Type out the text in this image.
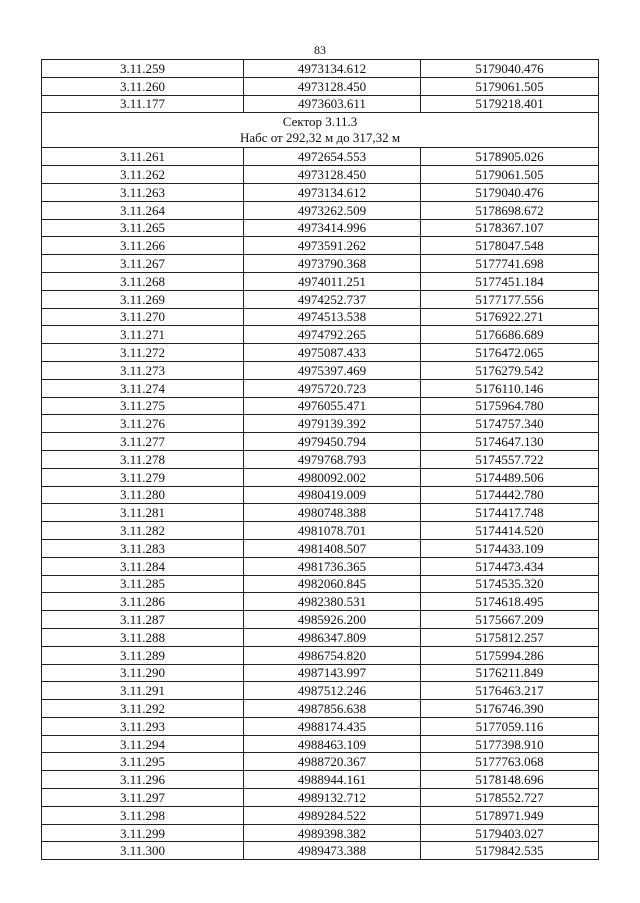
83
3.11.259	4973134.612	5179040.476
3.11.260	4973128.450	5179061.505
3.11.177	4973603.611	5179218.401

Сектор 3.11.3
Набс от 292,32 м до 317,32 м		

3.11.261	4972654.553	5178905.026
3.11.262	4973128.450	5179061.505
3.11.263	4973134.612	5179040.476
3.11.264	4973262.509	5178698.672
3.11.265	4973414.996	5178367.107
3.11.266	4973591.262	5178047.548
3.11.267	4973790.368	5177741.698
3.11.268	4974011.251	5177451.184
3.11.269	4974252.737	5177177.556
3.11.270	4974513.538	5176922.271
3.11.271	4974792.265	5176686.689
3.11.272	4975087.433	5176472.065
3.11.273	4975397.469	5176279.542
3.11.274	4975720.723	5176110.146
3.11.275	4976055.471	5175964.780
3.11.276	4979139.392	5174757.340
3.11.277	4979450.794	5174647.130
3.11.278	4979768.793	5174557.722
3.11.279	4980092.002	5174489.506
3.11.280	4980419.009	5174442.780
3.11.281	4980748.388	5174417.748
3.11.282	4981078.701	5174414.520
3.11.283	4981408.507	5174433.109
3.11.284	4981736.365	5174473.434
3.11.285	4982060.845	5174535.320
3.11.286	4982380.531	5174618.495
3.11.287	4985926.200	5175667.209
3.11.288	4986347.809	5175812.257
3.11.289	4986754.820	5175994.286
3.11.290	4987143.997	5176211.849
3.11.291	4987512.246	5176463.217
3.11.292	4987856.638	5176746.390
3.11.293	4988174.435	5177059.116
3.11.294	4988463.109	5177398.910
3.11.295	4988720.367	5177763.068
3.11.296	4988944.161	5178148.696
3.11.297	4989132.712	5178552.727
3.11.298	4989284.522	5178971.949
3.11.299	4989398.382	5179403.027
3.11.300	4989473.388	5179842.535
